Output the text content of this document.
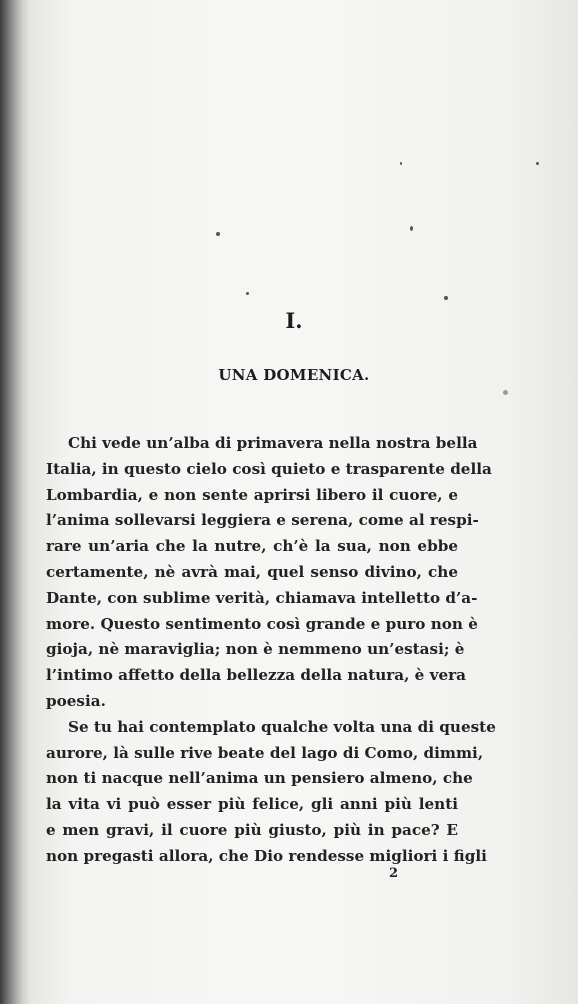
I.
UNA DOMENICA.
Chi vede un’alba di primavera nella nostra bella
Italia, in questo cielo così quieto e trasparente della
Lombardia, e non sente aprirsi libero il cuore, e
l’anima sollevarsi leggiera e serena, come al respi-
rare un’aria che la nutre, ch’è la sua, non ebbe
certamente, nè avrà mai, quel senso divino, che
Dante, con sublime verità, chiamava intelletto d’a-
more. Questo sentimento così grande e puro non è
gioja, nè maraviglia; non è nemmeno un’estasi; è
l’intimo affetto della bellezza della natura, è vera
poesia.
Se tu hai contemplato qualche volta una di queste
aurore, là sulle rive beate del lago di Como, dimmi,
non ti nacque nell’anima un pensiero almeno, che
la vita vi può esser più felice, gli anni più lenti
e men gravi, il cuore più giusto, più in pace? E
non pregasti allora, che Dio rendesse migliori i figli
2
